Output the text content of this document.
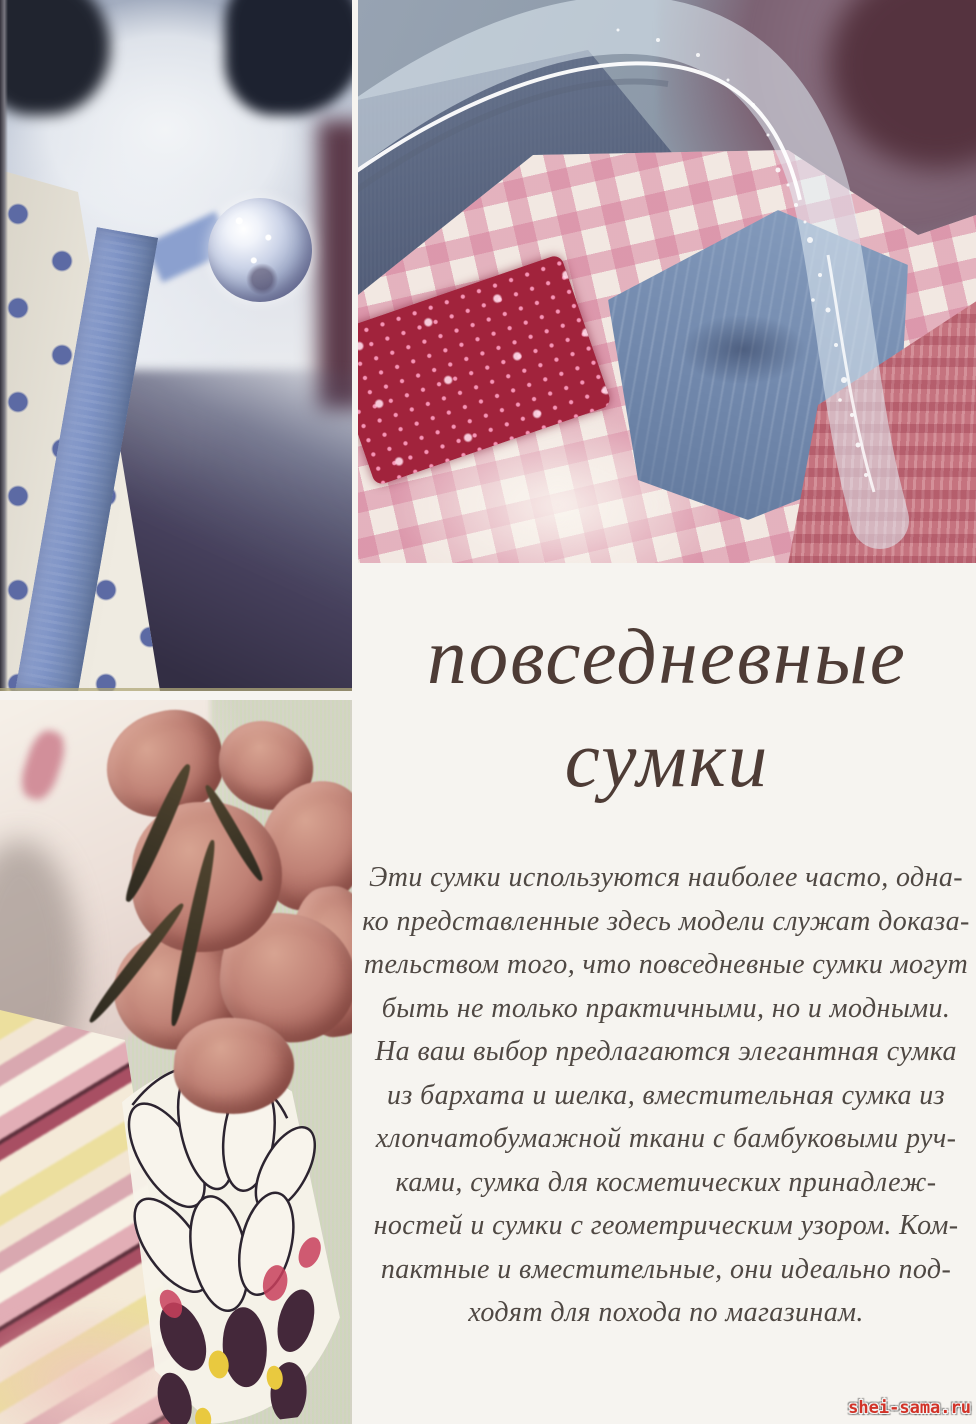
повседневные
сумки
Эти сумки используются наиболее часто, одна-
ко представленные здесь модели служат доказа-
тельством того, что повседневные сумки могут
быть не только практичными, но и модными.
На ваш выбор предлагаются элегантная сумка
из бархата и шелка, вместительная сумка из
хлопчатобумажной ткани с бамбуковыми руч-
ками, сумка для косметических принадлеж-
ностей и сумки с геометрическим узором. Ком-
пактные и вместительные, они идеально под-
ходят для похода по магазинам.
shei-sama.ru
